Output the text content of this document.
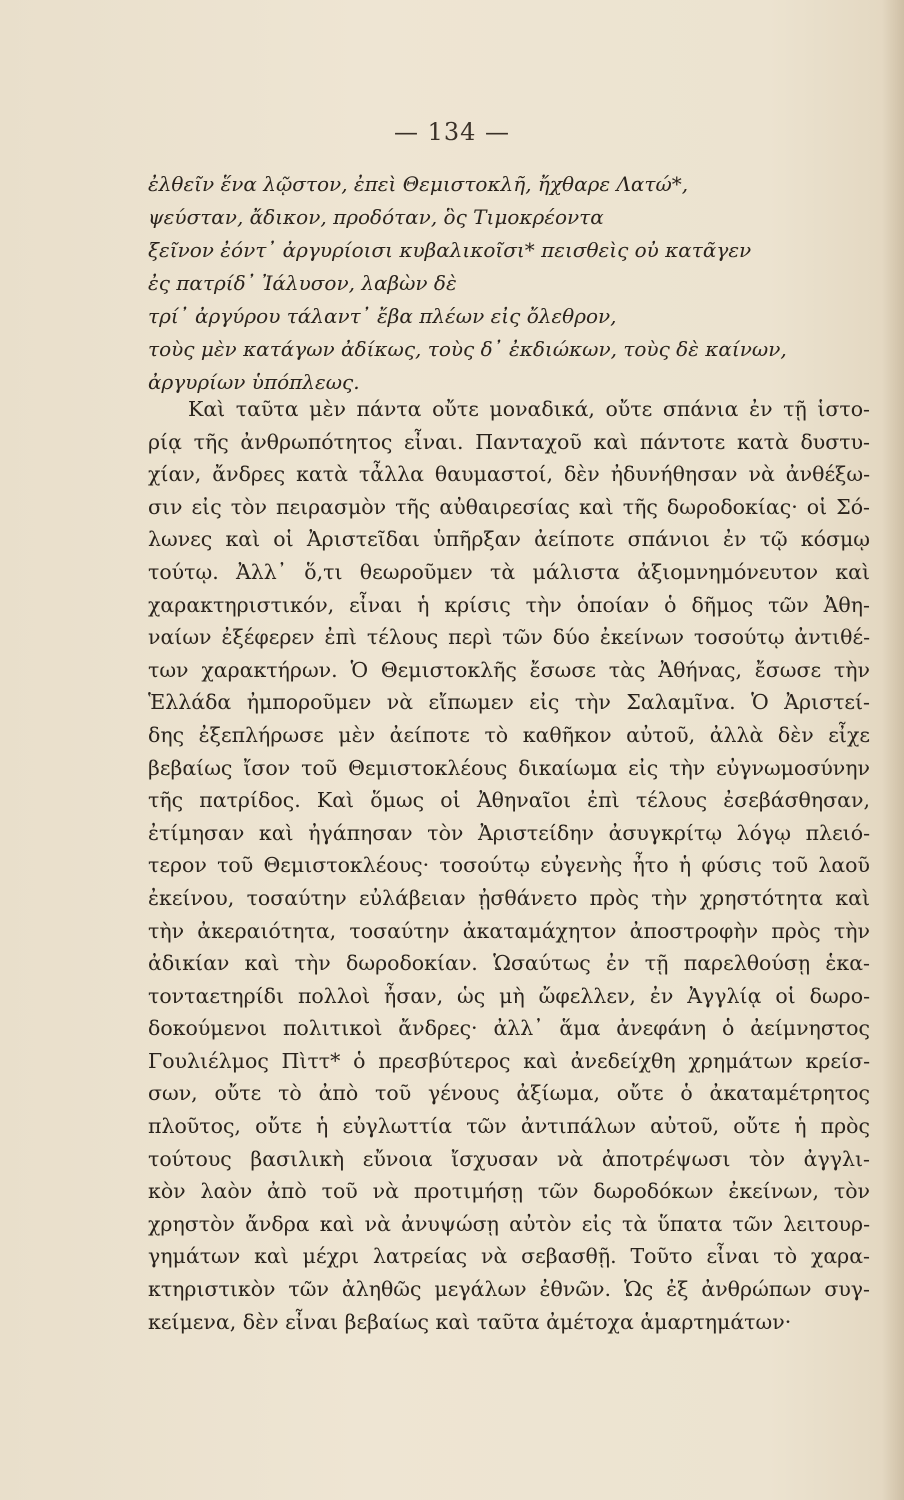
— 134 —
ἐλθεῖν ἕνα λῷστον, ἐπεὶ Θεμιστοκλῆ, ἤχθαρε Λατώ*,
ψεύσταν, ἄδικον, προδόταν, ὃς Τιμοκρέοντα
ξεῖνον ἐόντ᾽ ἀργυρίοισι κυβαλικοῖσι* πεισθεὶς οὐ κατᾶγεν
ἐς πατρίδ᾽ Ἰάλυσον, λαβὼν δὲ
τρί᾽ ἀργύρου τάλαντ᾽ ἔβα πλέων εἰς ὄλεθρον,
τοὺς μὲν κατάγων ἀδίκως, τοὺς δ᾽ ἐκδιώκων, τοὺς δὲ καίνων,
ἀργυρίων ὑπόπλεως.
Καὶ ταῦτα μὲν πάντα οὔτε μοναδικά, οὔτε σπάνια ἐν τῇ ἱστο-
ρίᾳ τῆς ἀνθρωπότητος εἶναι. Πανταχοῦ καὶ πάντοτε κατὰ δυστυ-
χίαν, ἄνδρες κατὰ τἆλλα θαυμαστοί, δὲν ἠδυνήθησαν νὰ ἀνθέξω-
σιν εἰς τὸν πειρασμὸν τῆς αὐθαιρεσίας καὶ τῆς δωροδοκίας· οἱ Σό-
λωνες καὶ οἱ Ἀριστεῖδαι ὑπῆρξαν ἀείποτε σπάνιοι ἐν τῷ κόσμῳ
τούτῳ. Ἀλλ᾽ ὅ,τι θεωροῦμεν τὰ μάλιστα ἀξιομνημόνευτον καὶ
χαρακτηριστικόν, εἶναι ἡ κρίσις τὴν ὁποίαν ὁ δῆμος τῶν Ἀθη-
ναίων ἐξέφερεν ἐπὶ τέλους περὶ τῶν δύο ἐκείνων τοσούτῳ ἀντιθέ-
των χαρακτήρων. Ὁ Θεμιστοκλῆς ἔσωσε τὰς Ἀθήνας, ἔσωσε τὴν
Ἑλλάδα ἠμποροῦμεν νὰ εἴπωμεν εἰς τὴν Σαλαμῖνα. Ὁ Ἀριστεί-
δης ἐξεπλήρωσε μὲν ἀείποτε τὸ καθῆκον αὐτοῦ, ἀλλὰ δὲν εἶχε
βεβαίως ἴσον τοῦ Θεμιστοκλέους δικαίωμα εἰς τὴν εὐγνωμοσύνην
τῆς πατρίδος. Καὶ ὅμως οἱ Ἀθηναῖοι ἐπὶ τέλους ἐσεβάσθησαν,
ἐτίμησαν καὶ ἠγάπησαν τὸν Ἀριστείδην ἀσυγκρίτῳ λόγῳ πλειό-
τερον τοῦ Θεμιστοκλέους· τοσούτῳ εὐγενὴς ἦτο ἡ φύσις τοῦ λαοῦ
ἐκείνου, τοσαύτην εὐλάβειαν ᾐσθάνετο πρὸς τὴν χρηστότητα καὶ
τὴν ἀκεραιότητα, τοσαύτην ἀκαταμάχητον ἀποστροφὴν πρὸς τὴν
ἀδικίαν καὶ τὴν δωροδοκίαν. Ὡσαύτως ἐν τῇ παρελθούσῃ ἑκα-
τονταετηρίδι πολλοὶ ἦσαν, ὡς μὴ ὤφελλεν, ἐν Ἀγγλίᾳ οἱ δωρο-
δοκούμενοι πολιτικοὶ ἄνδρες· ἀλλ᾽ ἅμα ἀνεφάνη ὁ ἀείμνηστος
Γουλιέλμος Πὶττ* ὁ πρεσβύτερος καὶ ἀνεδείχθη χρημάτων κρείσ-
σων, οὔτε τὸ ἀπὸ τοῦ γένους ἀξίωμα, οὔτε ὁ ἀκαταμέτρητος
πλοῦτος, οὔτε ἡ εὐγλωττία τῶν ἀντιπάλων αὐτοῦ, οὔτε ἡ πρὸς
τούτους βασιλικὴ εὔνοια ἴσχυσαν νὰ ἀποτρέψωσι τὸν ἀγγλι-
κὸν λαὸν ἀπὸ τοῦ νὰ προτιμήσῃ τῶν δωροδόκων ἐκείνων, τὸν
χρηστὸν ἄνδρα καὶ νὰ ἀνυψώσῃ αὐτὸν εἰς τὰ ὕπατα τῶν λειτουρ-
γημάτων καὶ μέχρι λατρείας νὰ σεβασθῇ. Τοῦτο εἶναι τὸ χαρα-
κτηριστικὸν τῶν ἀληθῶς μεγάλων ἐθνῶν. Ὡς ἐξ ἀνθρώπων συγ-
κείμενα, δὲν εἶναι βεβαίως καὶ ταῦτα ἀμέτοχα ἁμαρτημάτων·
